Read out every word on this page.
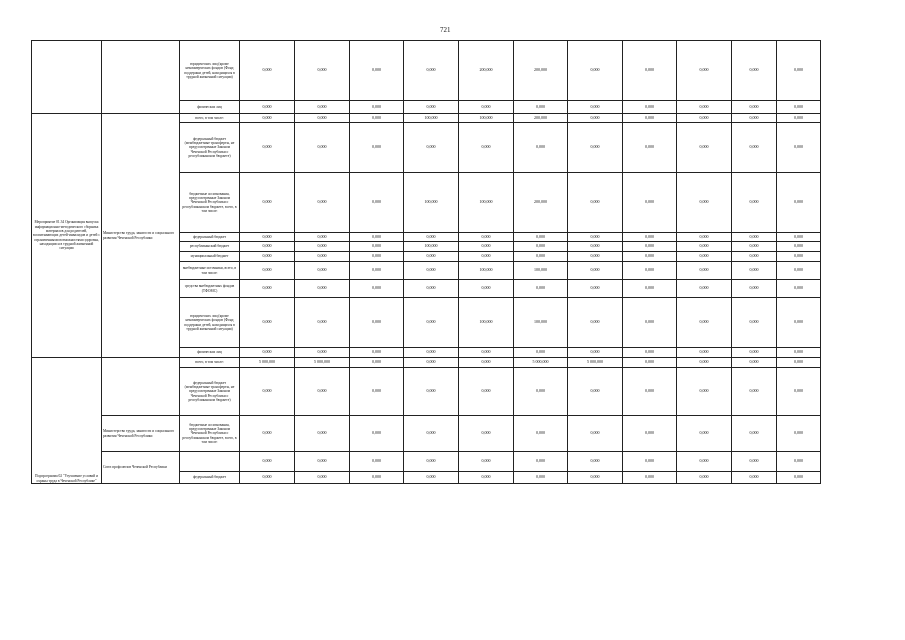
721
		юридических лиц (кроме некоммерческих фондов (Фонд поддержки детей, находящихся в трудной жизненной ситуации)	0,000	0,000	0,000	0,000	200,000	200,000	0,000	0,000	0,000	0,000	0,000
		физических лиц	0,000	0,000	0,000	0,000	0,000	0,000	0,000	0,000	0,000	0,000	0,000
Мероприятие 01.34 Организация выпуска информационно-методического сборника материалов для родителей, воспитывающих детей-инвалидов и детей с ограниченными возможностями здоровья, находящихся в трудной жизненной ситуации	Министерство труда, занятости и социального развития Чеченской Республики	всего, в том числе:	0,000	0,000	0,000	100,000	100,000	200,000	0,000	0,000	0,000	0,000	0,000
		федеральный бюджет (межбюджетные трансферты, не предусмотренные Законом Чеченской Республики о республиканском бюджете)	0,000	0,000	0,000	0,000	0,000	0,000	0,000	0,000	0,000	0,000	0,000
		бюджетные ассигнования, предусмотренные Законом Чеченской Республики о республиканском бюджете, всего, в том числе:	0,000	0,000	0,000	100,000	100,000	200,000	0,000	0,000	0,000	0,000	0,000
		федеральный бюджет	0,000	0,000	0,000	0,000	0,000	0,000	0,000	0,000	0,000	0,000	0,000
		республиканский бюджет	0,000	0,000	0,000	100,000	0,000	0,000	0,000	0,000	0,000	0,000	0,000
		муниципальный бюджет	0,000	0,000	0,000	0,000	0,000	0,000	0,000	0,000	0,000	0,000	0,000
		внебюджетные источники, всего, в том числе:	0,000	0,000	0,000	0,000	100,000	100,000	0,000	0,000	0,000	0,000	0,000
		средства внебюджетных фондов (ТФОМС)	0,000	0,000	0,000	0,000	0,000	0,000	0,000	0,000	0,000	0,000	0,000
		юридических лиц (кроме некоммерческих фондов (Фонд поддержки детей, находящихся в трудной жизненной ситуации)	0,000	0,000	0,000	0,000	100,000	100,000	0,000	0,000	0,000	0,000	0,000
		физических лиц	0,000	0,000	0,000	0,000	0,000	0,000	0,000	0,000	0,000	0,000	0,000
Подпрограмма 02 "Улучшение условий и охраны труда в Чеченской Республике"		всего, в том числе:	5 000,000	5 000,000	0,000	0,000	0,000	5 000,000	5 000,000	0,000	0,000	0,000	0,000
		федеральный бюджет (межбюджетные трансферты, не предусмотренные Законом Чеченской Республики о республиканском бюджете)	0,000	0,000	0,000	0,000	0,000	0,000	0,000	0,000	0,000	0,000	0,000
	Министерство труда, занятости и социального развития Чеченской Республики	бюджетные ассигнования, предусмотренные Законом Чеченской Республики о республиканском бюджете, всего, в том числе:	0,000	0,000	0,000	0,000	0,000	0,000	0,000	0,000	0,000	0,000	0,000
	Союз профсоюзов Чеченской Республики		0,000	0,000	0,000	0,000	0,000	0,000	0,000	0,000	0,000	0,000	0,000
		федеральный бюджет	0,000	0,000	0,000	0,000	0,000	0,000	0,000	0,000	0,000	0,000	0,000
